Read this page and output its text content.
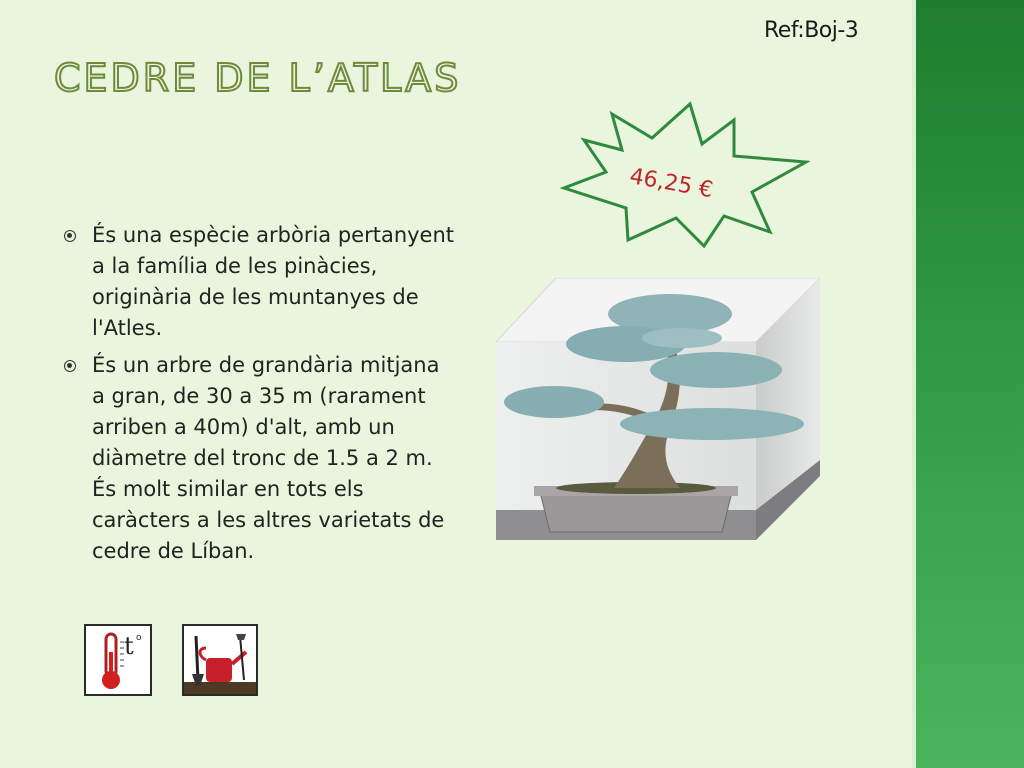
Ref:Boj-3
CEDRE DE L’ATLAS
46,25 €
És una espècie arbòria pertanyent a la família de les pinàcies, originària de les muntanyes de l'Atles.
És un arbre de grandària mitjana a gran, de 30 a 35 m (rarament arriben a 40m) d'alt, amb un diàmetre del tronc de 1.5 a 2 m. És molt similar en tots els caràcters a les altres varietats de cedre de Líban.
t o
